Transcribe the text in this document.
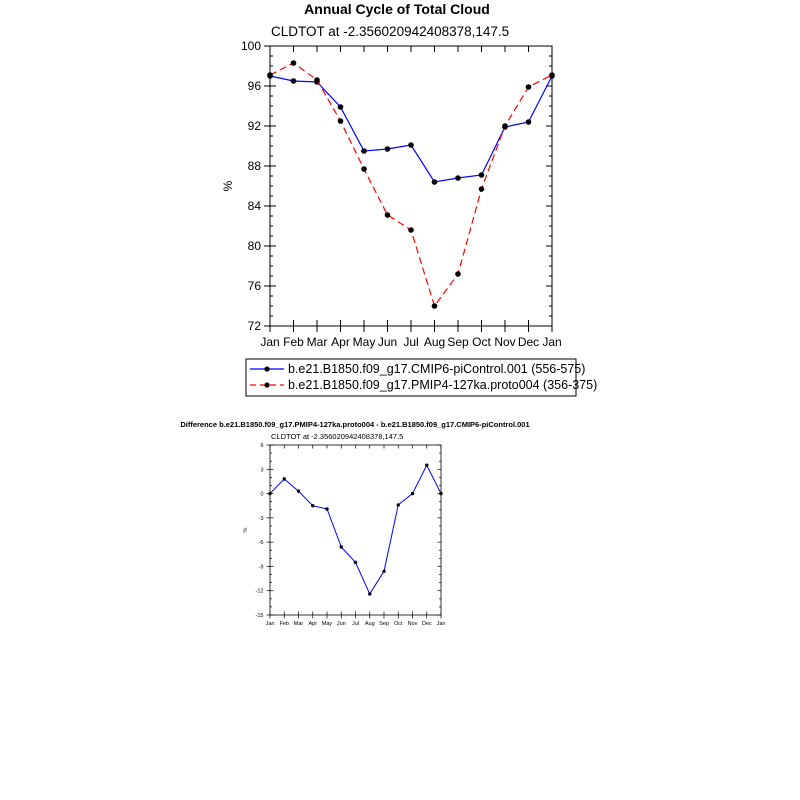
Annual Cycle of Total Cloud
CLDTOT at -2.356020942408378,147.5
72
76
80
84
88
92
96
100
Jan Feb Mar Apr May Jun Jul Aug Sep Oct Nov Dec Jan
%
b.e21.B1850.f09_g17.CMIP6-piControl.001 (556-575)
b.e21.B1850.f09_g17.PMIP4-127ka.proto004 (356-375)
Difference b.e21.B1850.f09_g17.PMIP4-127ka.proto004 - b.e21.B1850.f09_g17.CMIP6-piControl.001
CLDTOT at -2.356020942408378,147.5
-15
-12
-9
-6
-3
0
3
6
Jan Feb Mar Apr May Jun Jul Aug Sep Oct Nov Dec Jan
%
